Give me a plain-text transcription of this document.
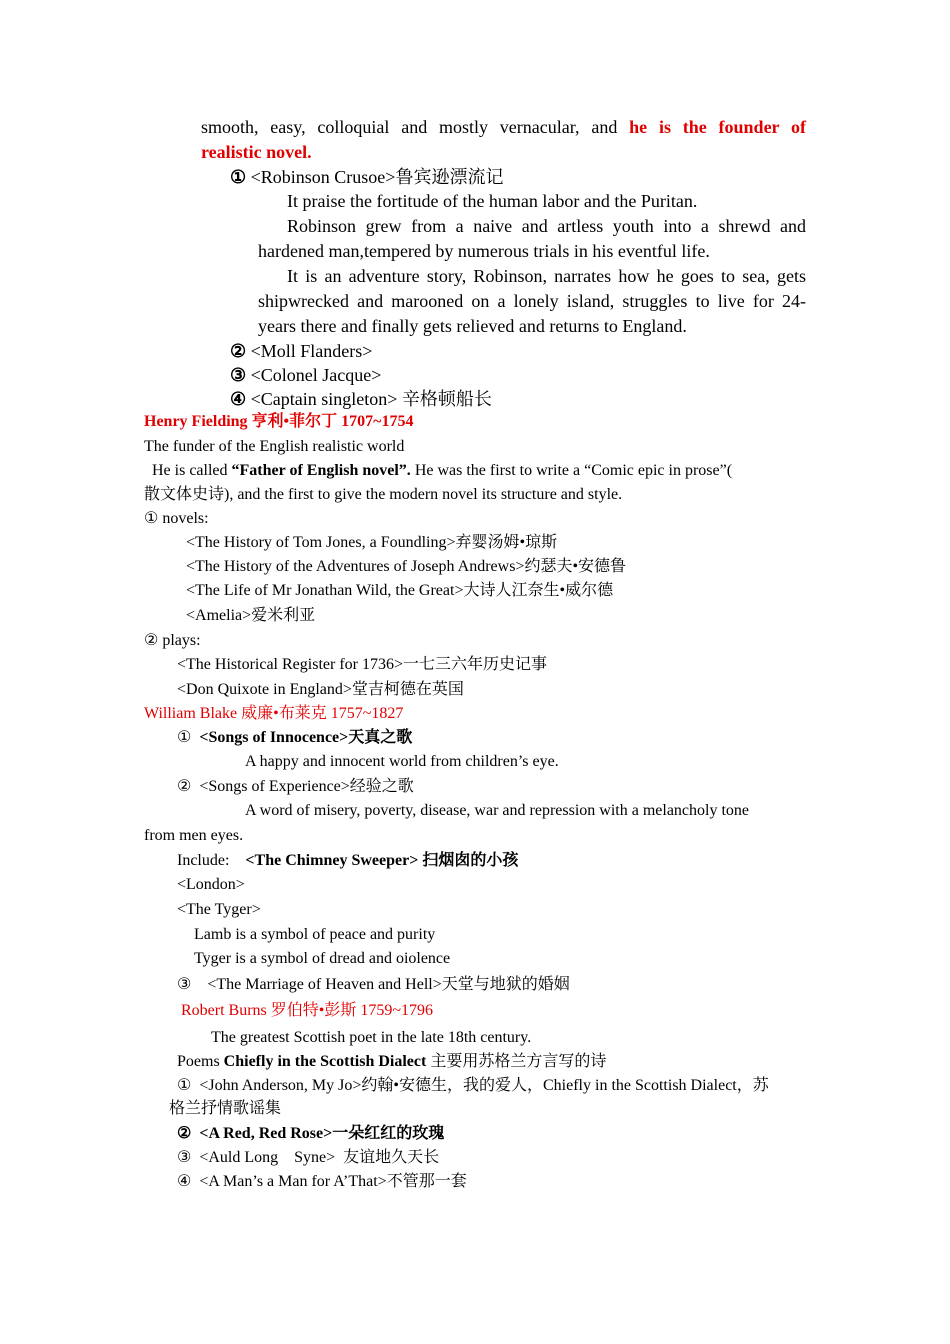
smooth, easy, colloquial and mostly vernacular, and he is the founder of
realistic novel.
① <Robinson Crusoe>鲁宾逊漂流记
It praise the fortitude of the human labor and the Puritan.
Robinson grew from a naive and artless youth into a shrewd and
hardened man,tempered by numerous trials in his eventful life.
It is an adventure story, Robinson, narrates how he goes to sea, gets
shipwrecked and marooned on a lonely island, struggles to live for 24-
years there and finally gets relieved and returns to England.
② <Moll Flanders>
③ <Colonel Jacque>
④ <Captain singleton> 辛格顿船长
Henry Fielding 亨利•菲尔丁 1707~1754
The funder of the English realistic world
He is called “Father of English novel”. He was the first to write a “Comic epic in prose”(
散文体史诗), and the first to give the modern novel its structure and style.
① novels:
<The History of Tom Jones, a Foundling>弃婴汤姆•琼斯
<The History of the Adventures of Joseph Andrews>约瑟夫•安德鲁
<The Life of Mr Jonathan Wild, the Great>大诗人江奈生•威尔德
<Amelia>爱米利亚
② plays:
<The Historical Register for 1736>一七三六年历史记事
<Don Quixote in England>堂吉柯德在英国
William Blake 威廉•布莱克 1757~1827
① <Songs of Innocence>天真之歌
A happy and innocent world from children’s eye.
② <Songs of Experience>经验之歌
A word of misery, poverty, disease, war and repression with a melancholy tone
from men eyes.
Include: <The Chimney Sweeper> 扫烟囱的小孩
<London>
<The Tyger>
Lamb is a symbol of peace and purity
Tyger is a symbol of dread and oiolence
③ <The Marriage of Heaven and Hell>天堂与地狱的婚姻
Robert Burns 罗伯特•彭斯 1759~1796
The greatest Scottish poet in the late 18th century.
Poems Chiefly in the Scottish Dialect 主要用苏格兰方言写的诗
① <John Anderson, My Jo>约翰•安德生，我的爱人，Chiefly in the Scottish Dialect，苏
格兰抒情歌谣集
② <A Red, Red Rose>一朵红红的玫瑰
③ <Auld Long    Syne> 友谊地久天长
④ <A Man’s a Man for A’That>不管那一套
